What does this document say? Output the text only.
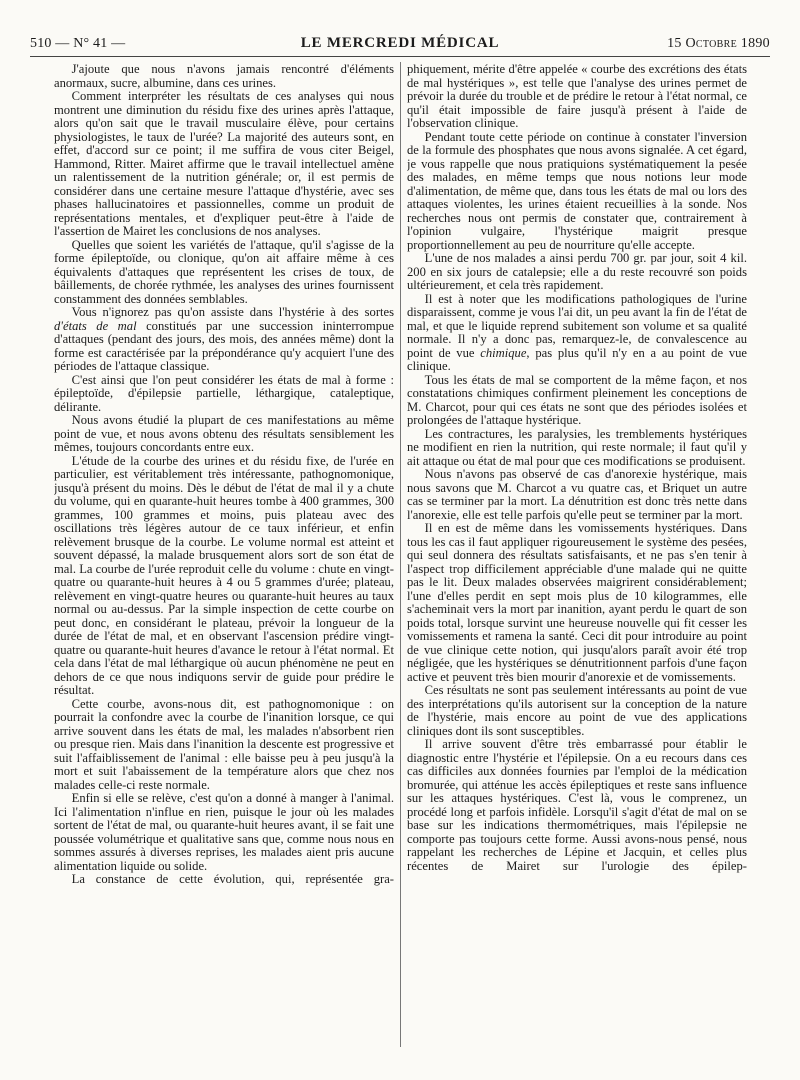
510 — N° 41 —	LE MERCREDI MÉDICAL	15 Octobre 1890

J'ajoute que nous n'avons jamais rencontré d'éléments anormaux, sucre, albumine, dans ces urines.

Comment interpréter les résultats de ces analyses qui nous montrent une diminution du résidu fixe des urines après l'attaque, alors qu'on sait que le travail musculaire élève, pour certains physiologistes, le taux de l'urée? La majorité des auteurs sont, en effet, d'accord sur ce point; il me suffira de vous citer Beigel, Hammond, Ritter. Mairet affirme que le travail intellectuel amène un ralentissement de la nutrition générale; or, il est permis de considérer dans une certaine mesure l'attaque d'hystérie, avec ses phases hallucinatoires et passionnelles, comme un produit de représentations mentales, et d'expliquer peut-être à l'aide de l'assertion de Mairet les conclusions de nos analyses.

Quelles que soient les variétés de l'attaque, qu'il s'agisse de la forme épileptoïde, ou clonique, qu'on ait affaire même à ces équivalents d'attaques que représentent les crises de toux, de bâillements, de chorée rythmée, les analyses des urines fournissent constamment des données semblables.

Vous n'ignorez pas qu'on assiste dans l'hystérie à des sortes d'états de mal constitués par une succession ininterrompue d'attaques (pendant des jours, des mois, des années même) dont la forme est caractérisée par la prépondérance qu'y acquiert l'une des périodes de l'attaque classique.

C'est ainsi que l'on peut considérer les états de mal à forme : épileptoïde, d'épilepsie partielle, léthargique, cataleptique, délirante.

Nous avons étudié la plupart de ces manifestations au même point de vue, et nous avons obtenu des résultats sensiblement les mêmes, toujours concordants entre eux.

L'étude de la courbe des urines et du résidu fixe, de l'urée en particulier, est véritablement très intéressante, pathognomonique, jusqu'à présent du moins. Dès le début de l'état de mal il y a chute du volume, qui en quarante-huit heures tombe à 400 grammes, 300 grammes, 100 grammes et moins, puis plateau avec des oscillations très légères autour de ce taux inférieur, et enfin relèvement brusque de la courbe. Le volume normal est atteint et souvent dépassé, la malade brusquement alors sort de son état de mal. La courbe de l'urée reproduit celle du volume : chute en vingt-quatre ou quarante-huit heures à 4 ou 5 grammes d'urée; plateau, relèvement en vingt-quatre heures ou quarante-huit heures au taux normal ou au-dessus. Par la simple inspection de cette courbe on peut donc, en considérant le plateau, prévoir la longueur de la durée de l'état de mal, et en observant l'ascension prédire vingt-quatre ou quarante-huit heures d'avance le retour à l'état normal. Et cela dans l'état de mal léthargique où aucun phénomène ne peut en dehors de ce que nous indiquons servir de guide pour prédire le résultat.

Cette courbe, avons-nous dit, est pathognomonique : on pourrait la confondre avec la courbe de l'inanition lorsque, ce qui arrive souvent dans les états de mal, les malades n'absorbent rien ou presque rien. Mais dans l'inanition la descente est progressive et suit l'affaiblissement de l'animal : elle baisse peu à peu jusqu'à la mort et suit l'abaissement de la température alors que chez nos malades celle-ci reste normale.

Enfin si elle se relève, c'est qu'on a donné à manger à l'animal. Ici l'alimentation n'influe en rien, puisque le jour où les malades sortent de l'état de mal, ou quarante-huit heures avant, il se fait une poussée volumétrique et qualitative sans que, comme nous nous en sommes assurés à diverses reprises, les malades aient pris aucune alimentation liquide ou solide.

La constance de cette évolution, qui, représentée gra-

phiquement, mérite d'être appelée « courbe des excrétions des états de mal hystériques », est telle que l'analyse des urines permet de prévoir la durée du trouble et de prédire le retour à l'état normal, ce qu'il était impossible de faire jusqu'à présent à l'aide de l'observation clinique.

Pendant toute cette période on continue à constater l'inversion de la formule des phosphates que nous avons signalée. A cet égard, je vous rappelle que nous pratiquions systématiquement la pesée des malades, en même temps que nous notions leur mode d'alimentation, de même que, dans tous les états de mal ou lors des attaques violentes, les urines étaient recueillies à la sonde. Nos recherches nous ont permis de constater que, contrairement à l'opinion vulgaire, l'hystérique maigrit presque proportionnellement au peu de nourriture qu'elle accepte.

L'une de nos malades a ainsi perdu 700 gr. par jour, soit 4 kil. 200 en six jours de catalepsie; elle a du reste recouvré son poids ultérieurement, et cela très rapidement.

Il est à noter que les modifications pathologiques de l'urine disparaissent, comme je vous l'ai dit, un peu avant la fin de l'état de mal, et que le liquide reprend subitement son volume et sa qualité normale. Il n'y a donc pas, remarquez-le, de convalescence au point de vue chimique, pas plus qu'il n'y en a au point de vue clinique.

Tous les états de mal se comportent de la même façon, et nos constatations chimiques confirment pleinement les conceptions de M. Charcot, pour qui ces états ne sont que des périodes isolées et prolongées de l'attaque hystérique.

Les contractures, les paralysies, les tremblements hystériques ne modifient en rien la nutrition, qui reste normale; il faut qu'il y ait attaque ou état de mal pour que ces modifications se produisent.

Nous n'avons pas observé de cas d'anorexie hystérique, mais nous savons que M. Charcot a vu quatre cas, et Briquet un autre cas se terminer par la mort. La dénutrition est donc très nette dans l'anorexie, elle est telle parfois qu'elle peut se terminer par la mort.

Il en est de même dans les vomissements hystériques. Dans tous les cas il faut appliquer rigoureusement le système des pesées, qui seul donnera des résultats satisfaisants, et ne pas s'en tenir à l'aspect trop difficilement appréciable d'une malade qui ne quitte pas le lit. Deux malades observées maigrirent considérablement; l'une d'elles perdit en sept mois plus de 10 kilogrammes, elle s'acheminait vers la mort par inanition, ayant perdu le quart de son poids total, lorsque survint une heureuse nouvelle qui fit cesser les vomissements et ramena la santé. Ceci dit pour introduire au point de vue clinique cette notion, qui jusqu'alors paraît avoir été trop négligée, que les hystériques se dénutritionnent parfois d'une façon active et peuvent très bien mourir d'anorexie et de vomissements.

Ces résultats ne sont pas seulement intéressants au point de vue des interprétations qu'ils autorisent sur la conception de la nature de l'hystérie, mais encore au point de vue des applications cliniques dont ils sont susceptibles.

Il arrive souvent d'être très embarrassé pour établir le diagnostic entre l'hystérie et l'épilepsie. On a eu recours dans ces cas difficiles aux données fournies par l'emploi de la médication bromurée, qui atténue les accès épileptiques et reste sans influence sur les attaques hystériques. C'est là, vous le comprenez, un procédé long et parfois infidèle. Lorsqu'il s'agit d'état de mal on se base sur les indications thermométriques, mais l'épilepsie ne comporte pas toujours cette forme. Aussi avons-nous pensé, nous rappelant les recherches de Lépine et Jacquin, et celles plus récentes de Mairet sur l'urologie des épilep-
